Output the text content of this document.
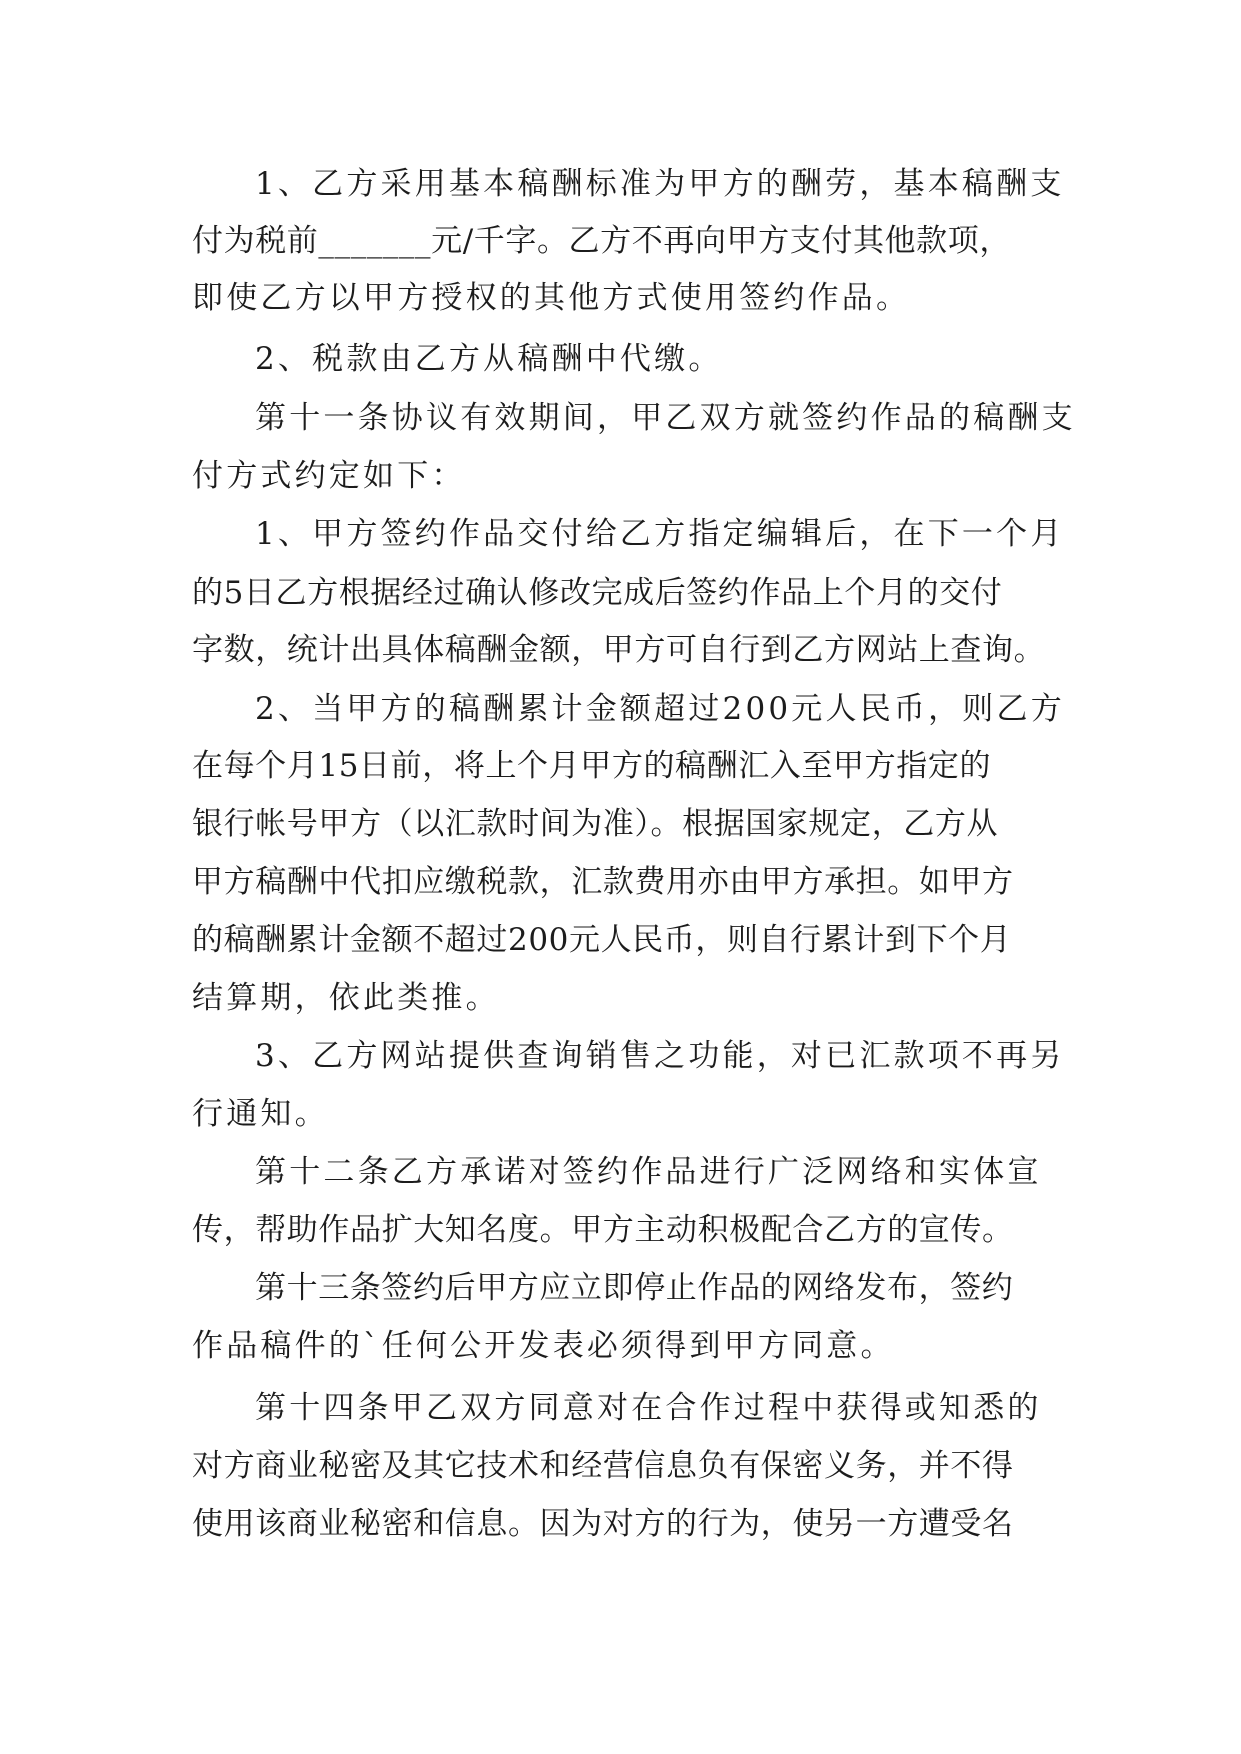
1、乙方采用基本稿酬标准为甲方的酬劳，基本稿酬支

付为税前_______元/千字。乙方不再向甲方支付其他款项，

即使乙方以甲方授权的其他方式使用签约作品。

2、税款由乙方从稿酬中代缴。

第十一条协议有效期间，甲乙双方就签约作品的稿酬支

付方式约定如下：

1、甲方签约作品交付给乙方指定编辑后，在下一个月

的5日乙方根据经过确认修改完成后签约作品上个月的交付

字数，统计出具体稿酬金额，甲方可自行到乙方网站上查询。

2、当甲方的稿酬累计金额超过200元人民币，则乙方

在每个月15日前，将上个月甲方的稿酬汇入至甲方指定的

银行帐号甲方（以汇款时间为准）。根据国家规定，乙方从

甲方稿酬中代扣应缴税款，汇款费用亦由甲方承担。如甲方

的稿酬累计金额不超过200元人民币，则自行累计到下个月

结算期，依此类推。

3、乙方网站提供查询销售之功能，对已汇款项不再另

行通知。

第十二条乙方承诺对签约作品进行广泛网络和实体宣

传，帮助作品扩大知名度。甲方主动积极配合乙方的宣传。

第十三条签约后甲方应立即停止作品的网络发布，签约

作品稿件的`任何公开发表必须得到甲方同意。

第十四条甲乙双方同意对在合作过程中获得或知悉的

对方商业秘密及其它技术和经营信息负有保密义务，并不得

使用该商业秘密和信息。因为对方的行为，使另一方遭受名
